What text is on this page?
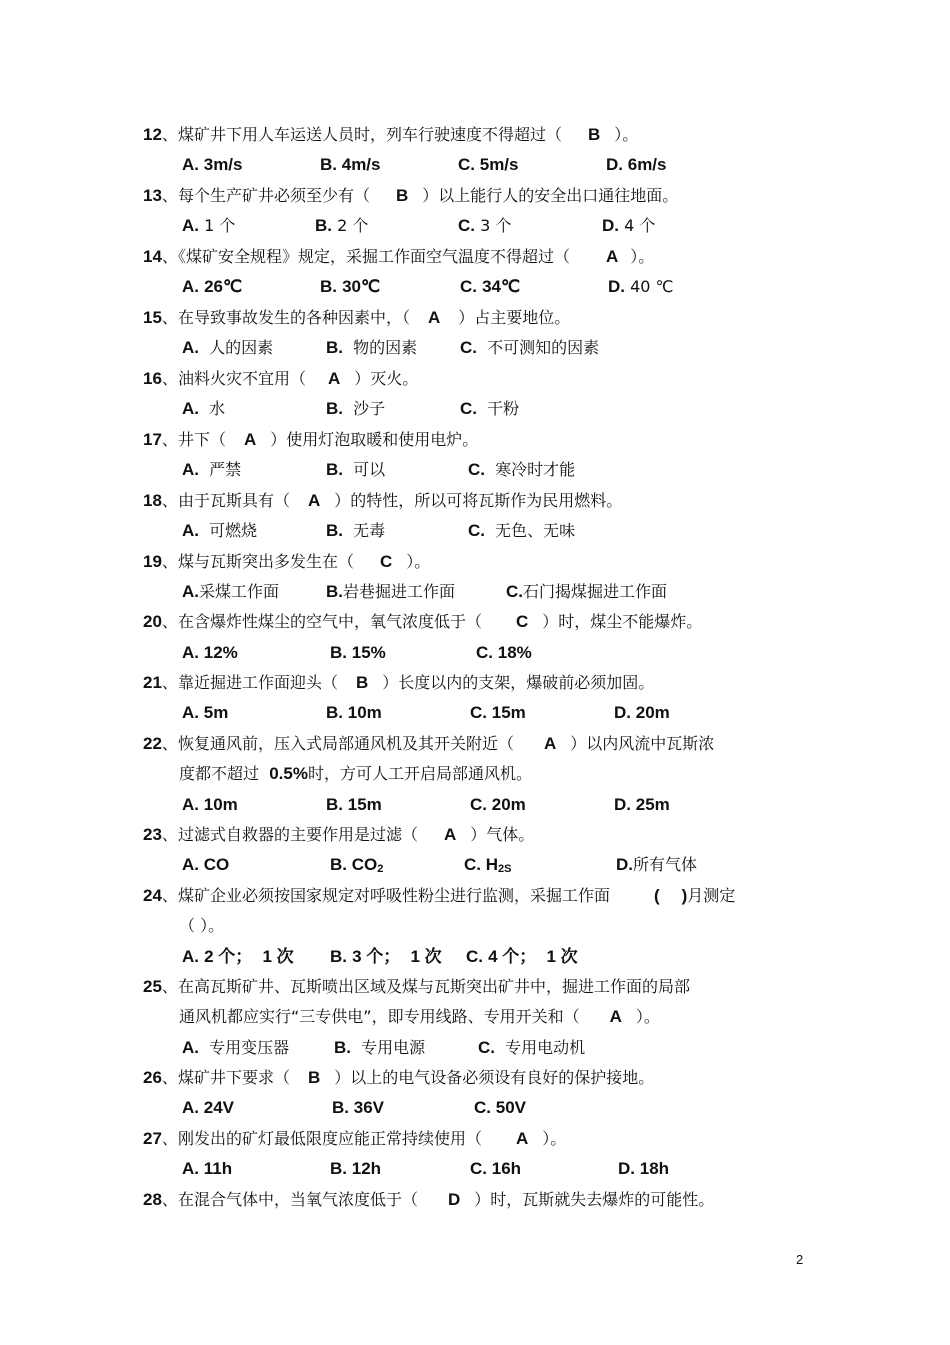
12、煤矿井下用人车运送人员时，列车行驶速度不得超过（ B ）。
A. 3m/s	B. 4m/s	C. 5m/s	D. 6m/s
13、每个生产矿井必须至少有（ B ）以上能行人的安全出口通往地面。
A. 1 个	B. 2 个	C. 3 个	D. 4 个
14、《煤矿安全规程》规定，采掘工作面空气温度不得超过（ A ）。
A. 26℃	B. 30℃	C. 34℃	D. 40 ℃
15、在导致事故发生的各种因素中，（ A ）占主要地位。
A. 人的因素	B. 物的因素	C. 不可测知的因素
16、油料火灾不宜用（ A ）灭火。
A. 水	B. 沙子	C. 干粉
17、井下（ A ）使用灯泡取暖和使用电炉。
A. 严禁	B. 可以	C. 寒冷时才能
18、由于瓦斯具有（ A ）的特性，所以可将瓦斯作为民用燃料。
A. 可燃烧	B. 无毒	C. 无色、无味
19、煤与瓦斯突出多发生在（ C ）。
A.采煤工作面	B.岩巷掘进工作面	C.石门揭煤掘进工作面
20、在含爆炸性煤尘的空气中，氧气浓度低于（ C ）时，煤尘不能爆炸。
A. 12%	B. 15%	C. 18%
21、靠近掘进工作面迎头（ B ）长度以内的支架，爆破前必须加固。
A. 5m	B. 10m	C. 15m	D. 20m
22、恢复通风前，压入式局部通风机及其开关附近（ A ）以内风流中瓦斯浓
度都不超过 0.5%时，方可人工开启局部通风机。
A. 10m	B. 15m	C. 20m	D. 25m
23、过滤式自救器的主要作用是过滤（ A ）气体。
A. CO	B. $CO_2$	C. $H_{2S}$	D.所有气体
24、煤矿企业必须按国家规定对呼吸性粉尘进行监测，采掘工作面	( )月测定
（ ）。
A. 2 个； 1 次 B. 3 个； 1 次 C. 4 个； 1 次
25、在高瓦斯矿井、瓦斯喷出区域及煤与瓦斯突出矿井中，掘进工作面的局部
通风机都应实行“三专供电”，即专用线路、专用开关和（ A ）。
A. 专用变压器	B. 专用电源	C. 专用电动机
26、煤矿井下要求（ B ）以上的电气设备必须设有良好的保护接地。
A. 24V	B. 36V	C. 50V
27、刚发出的矿灯最低限度应能正常持续使用（ A ）。
A. 11h	B. 12h	C. 16h	D. 18h
28、在混合气体中，当氧气浓度低于（ D ）时，瓦斯就失去爆炸的可能性。
2
